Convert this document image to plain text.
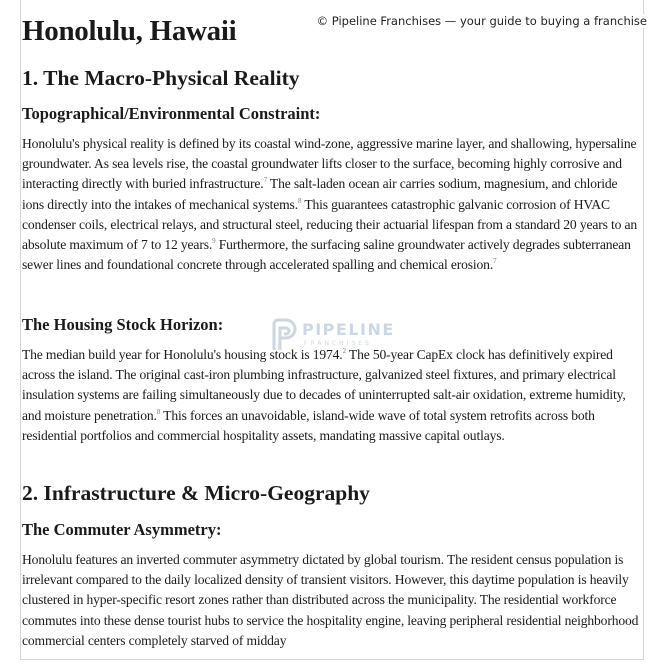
Honolulu, Hawaii
1. The Macro-Physical Reality
Topographical/Environmental Constraint:

Honolulu's physical reality is defined by its coastal wind-zone, aggressive marine layer, and shallowing, hypersaline groundwater. As sea levels rise, the coastal groundwater lifts closer to the surface, becoming highly corrosive and interacting directly with buried infrastructure.$^7$ The salt-laden ocean air carries sodium, magnesium, and chloride ions directly into the intakes of mechanical systems.$^8$ This guarantees catastrophic galvanic corrosion of HVAC condenser coils, electrical relays, and structural steel, reducing their actuarial lifespan from a standard 20 years to an absolute maximum of 7 to 12 years.$^9$ Furthermore, the surfacing saline groundwater actively degrades subterranean sewer lines and foundational concrete through accelerated spalling and chemical erosion.$^7$

The Housing Stock Horizon:

The median build year for Honolulu's housing stock is 1974.$^2$ The 50-year CapEx clock has definitively expired across the island. The original cast-iron plumbing infrastructure, galvanized steel fixtures, and primary electrical insulation systems are failing simultaneously due to decades of uninterrupted salt-air oxidation, extreme humidity, and moisture penetration.$^8$ This forces an unavoidable, island-wide wave of total system retrofits across both residential portfolios and commercial hospitality assets, mandating massive capital outlays.

2. Infrastructure & Micro-Geography
The Commuter Asymmetry:

Honolulu features an inverted commuter asymmetry dictated by global tourism. The resident census population is irrelevant compared to the daily localized density of transient visitors. However, this daytime population is heavily clustered in hyper-specific resort zones rather than distributed across the municipality. The residential workforce commutes into these dense tourist hubs to service the hospitality engine, leaving peripheral residential neighborhood commercial centers completely starved of midday

© Pipeline Franchises — your guide to buying a franchise
PIPELINE
FRANCHISES
